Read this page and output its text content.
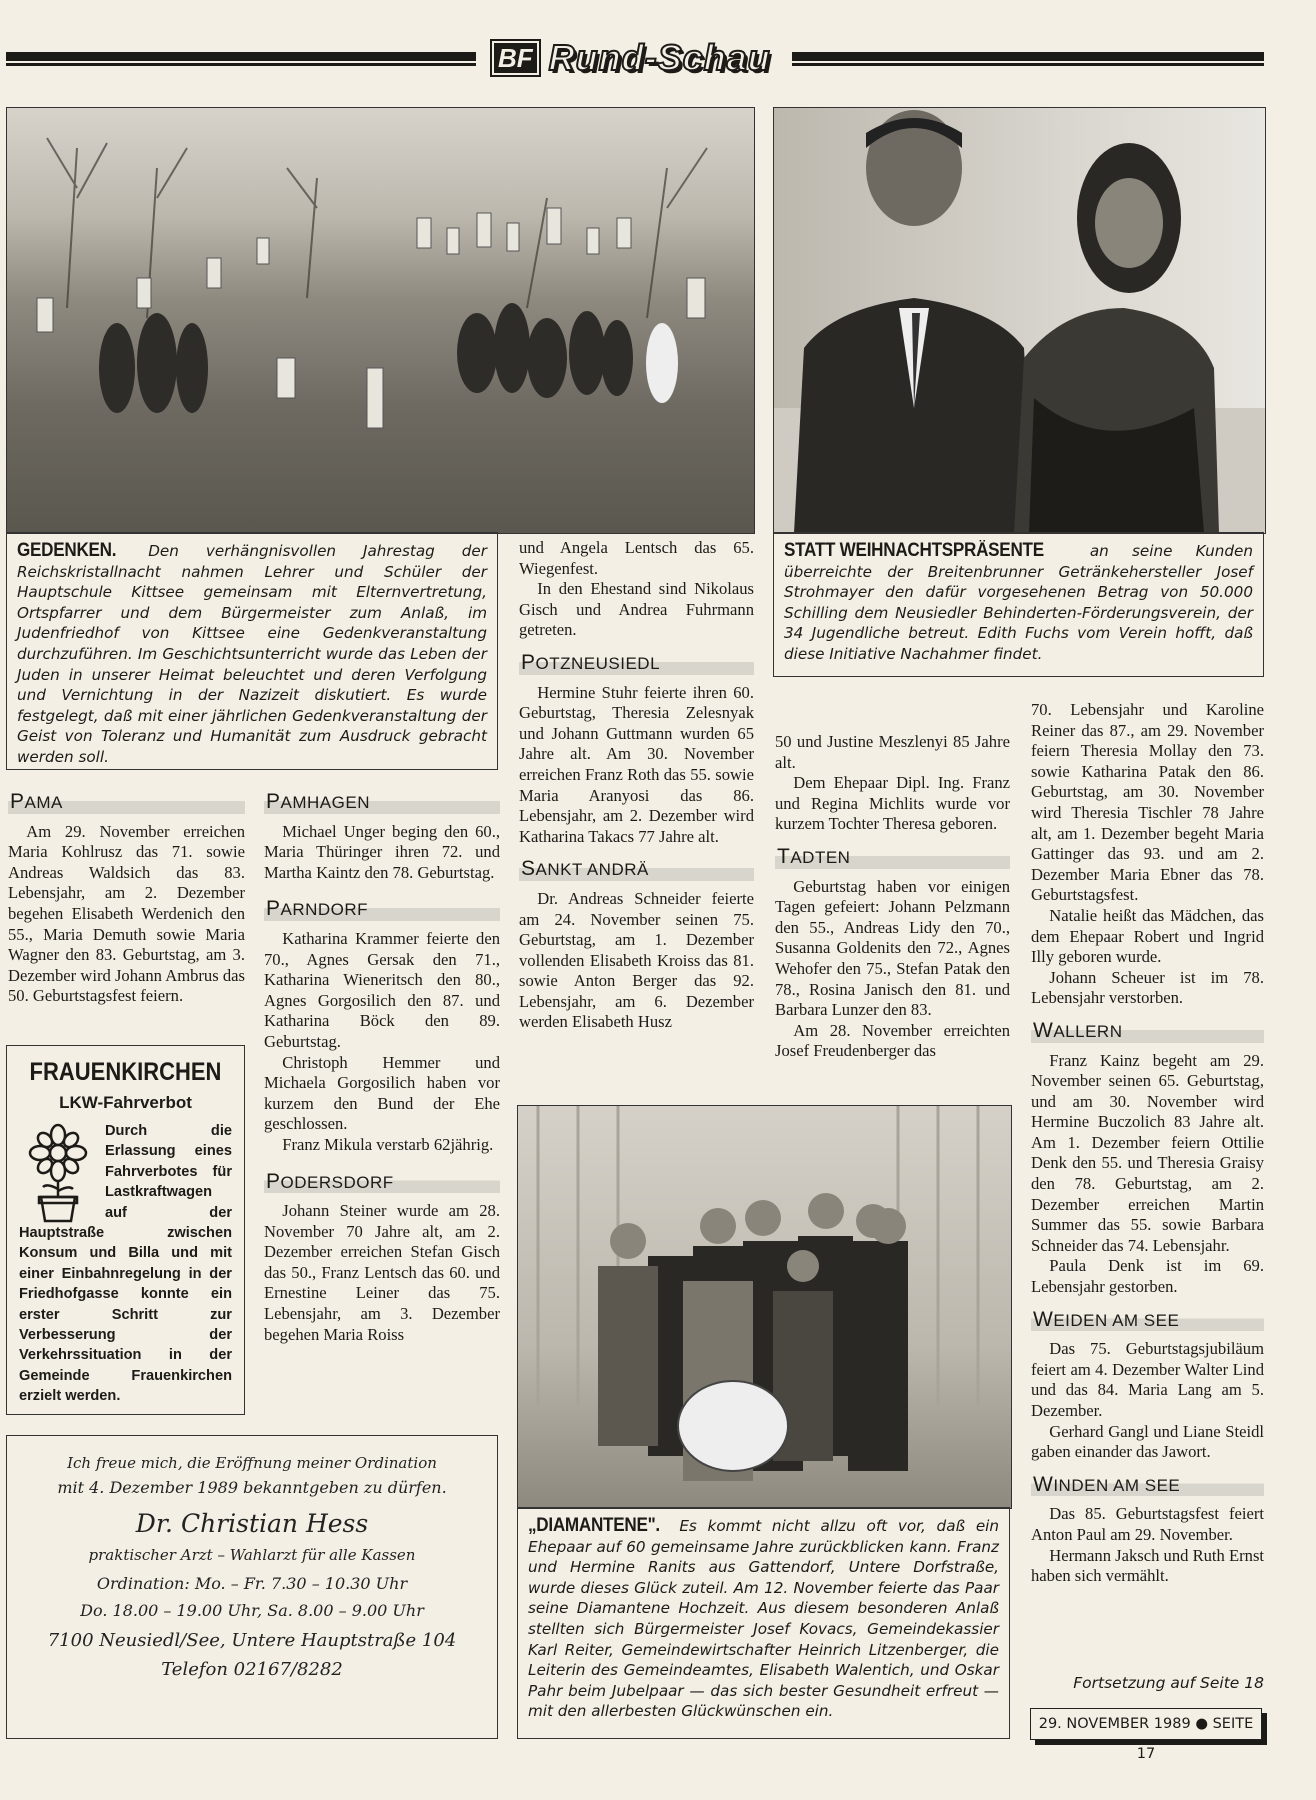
BF Rund-Schau
GEDENKEN. Den verhängnisvollen Jahrestag der Reichskristallnacht nahmen Lehrer und Schüler der Hauptschule Kittsee gemeinsam mit Elternvertretung, Ortspfarrer und dem Bürgermeister zum Anlaß, im Judenfriedhof von Kittsee eine Gedenkveranstaltung durchzuführen. Im Geschichtsunterricht wurde das Leben der Juden in unserer Heimat beleuchtet und deren Verfolgung und Vernichtung in der Nazizeit diskutiert. Es wurde festgelegt, daß mit einer jährlichen Gedenkveranstaltung der Geist von Toleranz und Humanität zum Ausdruck gebracht werden soll.
STATT WEIHNACHTSPRÄSENTE	an seine Kunden überreichte der Breitenbrunner Getränkehersteller Josef Strohmayer den dafür vorgesehenen Betrag von 50.000 Schilling dem Neusiedler Behinderten-Förderungsverein, der 34 Jugendliche betreut. Edith Fuchs vom Verein hofft, daß diese Initiative Nachahmer findet.
PAMA

Am 29. November erreichen Maria Kohlrusz das 71. sowie Andreas Waldsich das 83. Lebensjahr, am 2. Dezember begehen Elisabeth Werdenich den 55., Maria Demuth sowie Maria Wagner den 83. Geburtstag, am 3. Dezember wird Johann Ambrus das 50. Geburtstagsfest feiern.

FRAUENKIRCHEN
LKW-Fahrverbot
Durch die Erlassung eines Fahrverbotes für Lastkraftwagen auf der Hauptstraße zwischen Konsum und Billa und mit einer Einbahnregelung in der Friedhofgasse konnte ein erster Schritt zur Verbesserung der Verkehrssituation in der Gemeinde Frauenkirchen erzielt werden.
PAMHAGEN

Michael Unger beging den 60., Maria Thüringer ihren 72. und Martha Kaintz den 78. Geburtstag.

PARNDORF

Katharina Krammer feierte den 70., Agnes Gersak den 71., Katharina Wieneritsch den 80., Agnes Gorgosilich den 87. und Katharina Böck den 89. Geburtstag.

Christoph Hemmer und Michaela Gorgosilich haben vor kurzem den Bund der Ehe geschlossen.

Franz Mikula verstarb 62jährig.

PODERSDORF

Johann Steiner wurde am 28. November 70 Jahre alt, am 2. Dezember erreichen Stefan Gisch das 50., Franz Lentsch das 60. und Ernestine Leiner das 75. Lebensjahr, am 3. Dezember begehen Maria Roiss

Ich freue mich, die Eröffnung meiner Ordination
mit 4. Dezember 1989 bekanntgeben zu dürfen.
Dr. Christian Hess
praktischer Arzt – Wahlarzt für alle Kassen
Ordination: Mo. – Fr. 7.30 – 10.30 Uhr
Do. 18.00 – 19.00 Uhr, Sa. 8.00 – 9.00 Uhr
7100 Neusiedl/See, Untere Hauptstraße 104
Telefon 02167/8282

und Angela Lentsch das 65. Wiegenfest.

In den Ehestand sind Nikolaus Gisch und Andrea Fuhrmann getreten.

POTZNEUSIEDL

Hermine Stuhr feierte ihren 60. Geburtstag, Theresia Zelesnyak und Johann Guttmann wurden 65 Jahre alt. Am 30. November erreichen Franz Roth das 55. sowie Maria Aranyosi das 86. Lebensjahr, am 2. Dezember wird Katharina Takacs 77 Jahre alt.

SANKT ANDRÄ

Dr. Andreas Schneider feierte am 24. November seinen 75. Geburtstag, am 1. Dezember vollenden Elisabeth Kroiss das 81. sowie Anton Berger das 92. Lebensjahr, am 6. Dezember werden Elisabeth Husz

50 und Justine Meszlenyi 85 Jahre alt.

Dem Ehepaar Dipl. Ing. Franz und Regina Michlits wurde vor kurzem Tochter Theresa geboren.

TADTEN

Geburtstag haben vor einigen Tagen gefeiert: Johann Pelzmann den 55., Andreas Lidy den 70., Susanna Goldenits den 72., Agnes Wehofer den 75., Stefan Patak den 78., Rosina Janisch den 81. und Barbara Lunzer den 83.

Am 28. November erreichten Josef Freudenberger das

„DIAMANTENE". Es kommt nicht allzu oft vor, daß ein Ehepaar auf 60 gemeinsame Jahre zurückblicken kann. Franz und Hermine Ranits aus Gattendorf, Untere Dorfstraße, wurde dieses Glück zuteil. Am 12. November feierte das Paar seine Diamantene Hochzeit. Aus diesem besonderen Anlaß stellten sich Bürgermeister Josef Kovacs, Gemeindekassier Karl Reiter, Gemeindewirtschafter Heinrich Litzenberger, die Leiterin des Gemeindeamtes, Elisabeth Walentich, und Oskar Pahr beim Jubelpaar — das sich bester Gesundheit erfreut — mit den allerbesten Glückwünschen ein.

70. Lebensjahr und Karoline Reiner das 87., am 29. November feiern Theresia Mollay den 73. sowie Katharina Patak den 86. Geburtstag, am 30. November wird Theresia Tischler 78 Jahre alt, am 1. Dezember begeht Maria Gattinger das 93. und am 2. Dezember Maria Ebner das 78. Geburtstagsfest.

Natalie heißt das Mädchen, das dem Ehepaar Robert und Ingrid Illy geboren wurde.

Johann Scheuer ist im 78. Lebensjahr verstorben.

WALLERN

Franz Kainz begeht am 29. November seinen 65. Geburtstag, und am 30. November wird Hermine Buczolich 83 Jahre alt. Am 1. Dezember feiern Ottilie Denk den 55. und Theresia Graisy den 78. Geburtstag, am 2. Dezember erreichen Martin Summer das 55. sowie Barbara Schneider das 74. Lebensjahr.

Paula Denk ist im 69. Lebensjahr gestorben.

WEIDEN AM SEE

Das 75. Geburtstagsjubiläum feiert am 4. Dezember Walter Lind und das 84. Maria Lang am 5. Dezember.

Gerhard Gangl und Liane Steidl gaben einander das Jawort.

WINDEN AM SEE

Das 85. Geburtstagsfest feiert Anton Paul am 29. November.

Hermann Jaksch und Ruth Ernst haben sich vermählt.

Fortsetzung auf Seite 18
29. NOVEMBER 1989 ● SEITE 17
